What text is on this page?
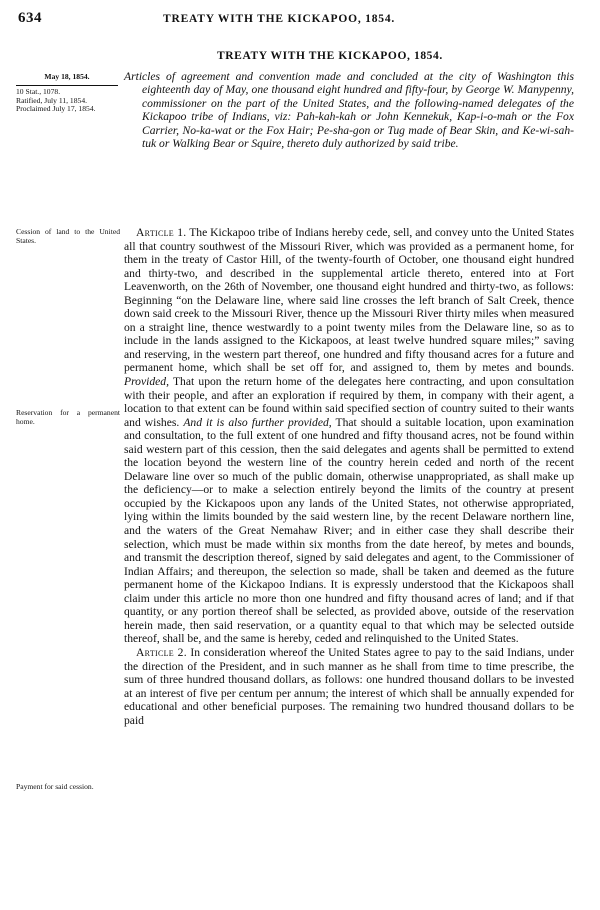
634	TREATY WITH THE KICKAPOO, 1854.
TREATY WITH THE KICKAPOO, 1854.
May 18, 1854.
10 Stat., 1078.
Ratified, July 11, 1854.
Proclaimed July 17, 1854.
Cession of land to the United States.
Reservation for a permanent home.
Payment for said cession.

Articles of agreement and convention made and concluded at the city of Washington this eighteenth day of May, one thousand eight hundred and fifty-four, by George W. Manypenny, commissioner on the part of the United States, and the following-named delegates of the Kickapoo tribe of Indians, viz: Pah-kah-kah or John Kennekuk, Kap-i-o-mah or the Fox Carrier, No-ka-wat or the Fox Hair; Pe-sha-gon or Tug made of Bear Skin, and Ke-wi-sah-tuk or Walking Bear or Squire, thereto duly authorized by said tribe.

Article 1. The Kickapoo tribe of Indians hereby cede, sell, and convey unto the United States all that country southwest of the Missouri River, which was provided as a permanent home, for them in the treaty of Castor Hill, of the twenty-fourth of October, one thousand eight hundred and thirty-two, and described in the supplemental article thereto, entered into at Fort Leavenworth, on the 26th of November, one thousand eight hundred and thirty-two, as follows: Beginning “on the Delaware line, where said line crosses the left branch of Salt Creek, thence down said creek to the Missouri River, thence up the Missouri River thirty miles when measured on a straight line, thence westwardly to a point twenty miles from the Delaware line, so as to include in the lands assigned to the Kickapoos, at least twelve hundred square miles;” saving and reserving, in the western part thereof, one hundred and fifty thousand acres for a future and permanent home, which shall be set off for, and assigned to, them by metes and bounds. Provided, That upon the return home of the delegates here contracting, and upon consultation with their people, and after an exploration if required by them, in company with their agent, a location to that extent can be found within said specified section of country suited to their wants and wishes. And it is also further provided, That should a suitable location, upon examination and consultation, to the full extent of one hundred and fifty thousand acres, not be found within said western part of this cession, then the said delegates and agents shall be permitted to extend the location beyond the western line of the country herein ceded and north of the recent Delaware line over so much of the public domain, otherwise unappropriated, as shall make up the deficiency—or to make a selection entirely beyond the limits of the country at present occupied by the Kickapoos upon any lands of the United States, not otherwise appropriated, lying within the limits bounded by the said western line, by the recent Delaware northern line, and the waters of the Great Nemahaw River; and in either case they shall describe their selection, which must be made within six months from the date hereof, by metes and bounds, and transmit the description thereof, signed by said delegates and agent, to the Commissioner of Indian Affairs; and thereupon, the selection so made, shall be taken and deemed as the future permanent home of the Kickapoo Indians. It is expressly understood that the Kickapoos shall claim under this article no more thon one hundred and fifty thousand acres of land; and if that quantity, or any portion thereof shall be selected, as provided above, outside of the reservation herein made, then said reservation, or a quantity equal to that which may be selected outside thereof, shall be, and the same is hereby, ceded and relinquished to the United States.

Article 2. In consideration whereof the United States agree to pay to the said Indians, under the direction of the President, and in such manner as he shall from time to time prescribe, the sum of three hundred thousand dollars, as follows: one hundred thousand dollars to be invested at an interest of five per centum per annum; the interest of which shall be annually expended for educational and other beneficial purposes. The remaining two hundred thousand dollars to be paid
